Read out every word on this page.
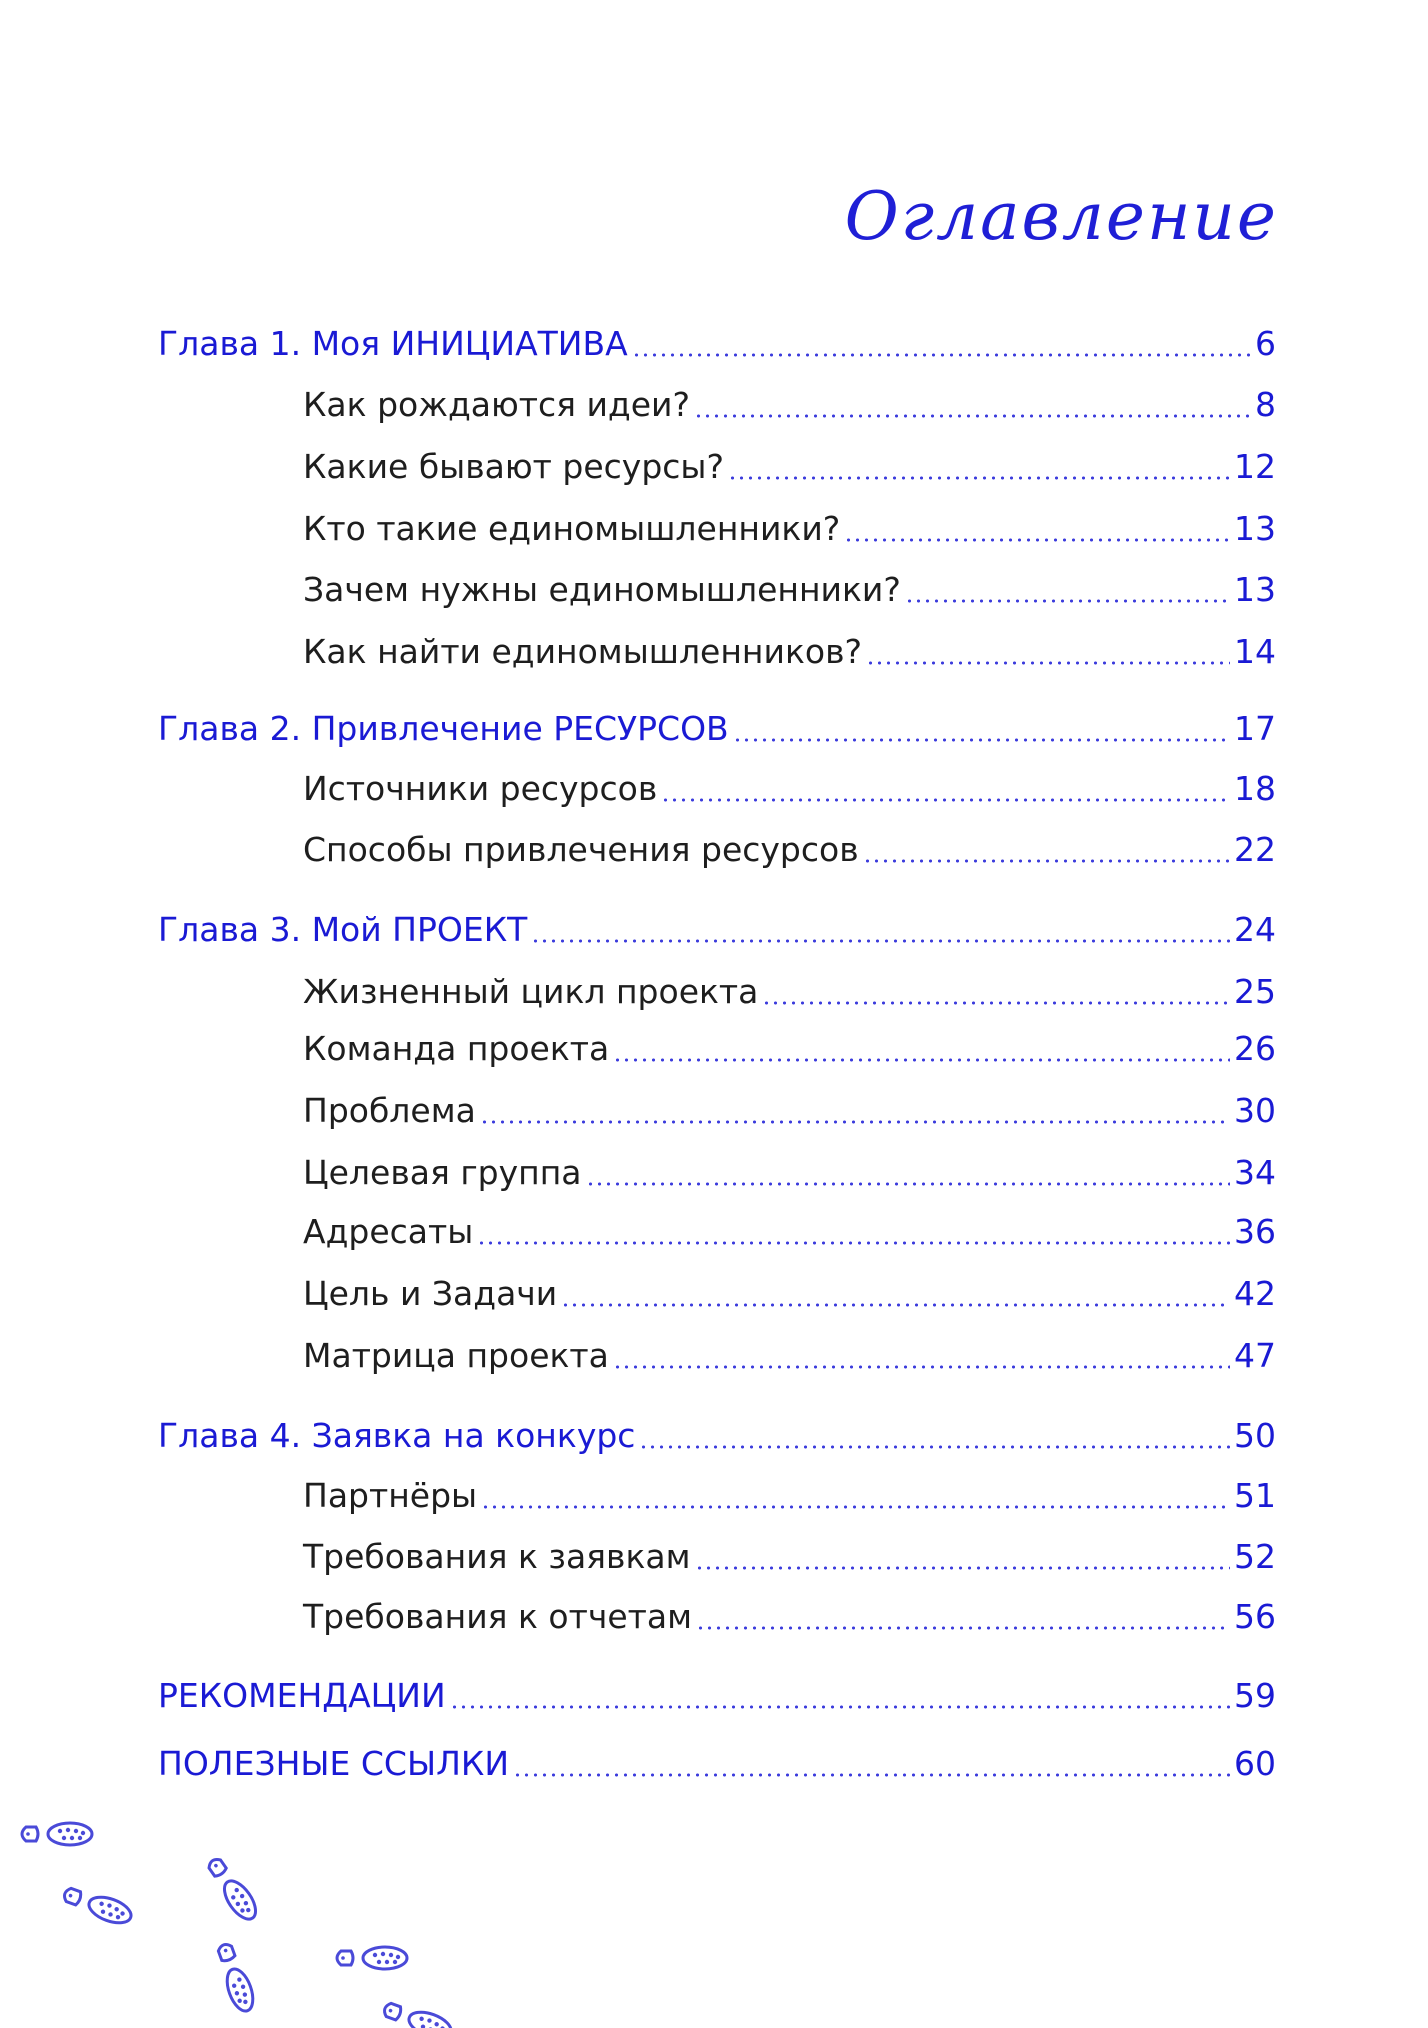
Оглавление
Глава 1. Моя ИНИЦИАТИВА	6
Как рождаются идеи?	8
Какие бывают ресурсы?	12
Кто такие единомышленники?	13
Зачем нужны единомышленники?	13
Как найти единомышленников?	14
Глава 2. Привлечение РЕСУРСОВ	17
Источники ресурсов	18
Способы привлечения ресурсов	22
Глава 3. Мой ПРОЕКТ	24
Жизненный цикл проекта	25
Команда проекта	26
Проблема	30
Целевая группа	34
Адресаты	36
Цель и Задачи	42
Матрица проекта	47
Глава 4. Заявка на конкурс	50
Партнёры	51
Требования к заявкам	52
Требования к отчетам	56
РЕКОМЕНДАЦИИ	59
ПОЛЕЗНЫЕ ССЫЛКИ	60
